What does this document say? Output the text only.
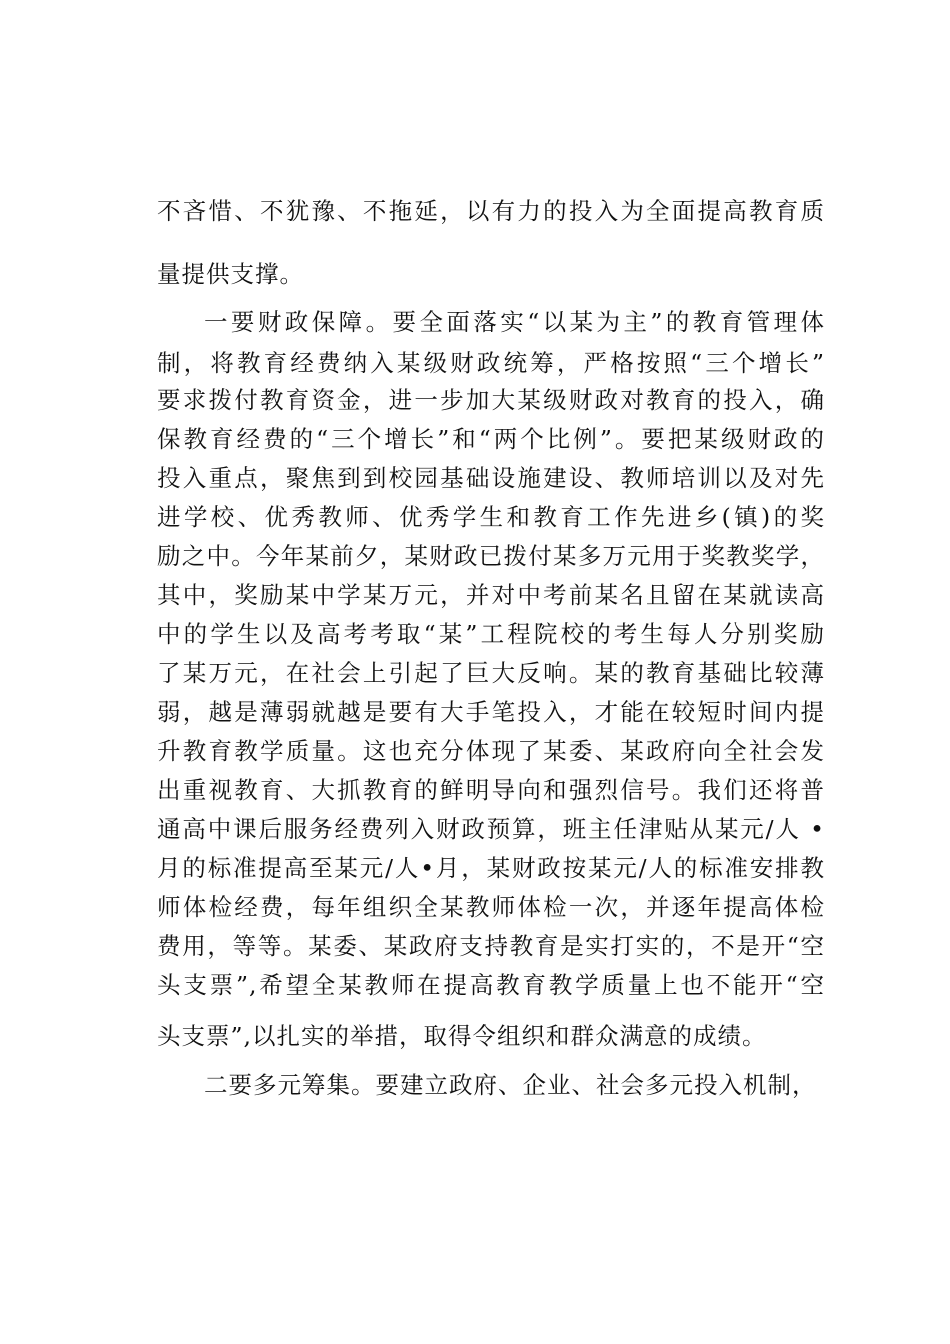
不吝惜、不犹豫、不拖延，以有力的投入为全面提高教育质
量提供支撑。
一要财政保障。要全面落实“以某为主”的教育管理体
制，将教育经费纳入某级财政统筹，严格按照“三个增长”
要求拨付教育资金，进一步加大某级财政对教育的投入，确
保教育经费的“三个增长”和“两个比例”。要把某级财政的
投入重点，聚焦到到校园基础设施建设、教师培训以及对先
进学校、优秀教师、优秀学生和教育工作先进乡(镇)的奖
励之中。今年某前夕，某财政已拨付某多万元用于奖教奖学，
其中，奖励某中学某万元，并对中考前某名且留在某就读高
中的学生以及高考考取“某”工程院校的考生每人分别奖励
了某万元，在社会上引起了巨大反响。某的教育基础比较薄
弱，越是薄弱就越是要有大手笔投入，才能在较短时间内提
升教育教学质量。这也充分体现了某委、某政府向全社会发
出重视教育、大抓教育的鲜明导向和强烈信号。我们还将普
通高中课后服务经费列入财政预算，班主任津贴从某元/人 •
月的标准提高至某元/人•月，某财政按某元/人的标准安排教
师体检经费，每年组织全某教师体检一次，并逐年提高体检
费用，等等。某委、某政府支持教育是实打实的，不是开“空
头支票”,希望全某教师在提高教育教学质量上也不能开“空
头支票”,以扎实的举措，取得令组织和群众满意的成绩。
二要多元筹集。要建立政府、企业、社会多元投入机制，
